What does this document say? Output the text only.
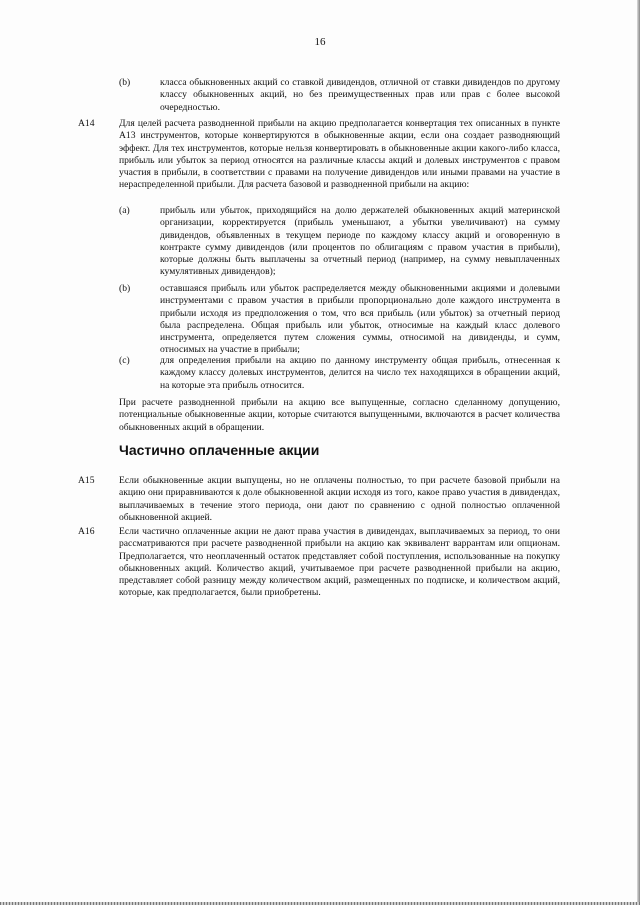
16
(b)	класса обыкновенных акций со ставкой дивидендов, отличной от ставки дивидендов по другому классу обыкновенных акций, но без преимущественных прав или прав с более высокой очередностью.
A14	Для целей расчета разводненной прибыли на акцию предполагается конвертация тех описанных в пункте A13 инструментов, которые конвертируются в обыкновенные акции, если она создает разводняющий эффект. Для тех инструментов, которые нельзя конвертировать в обыкновенные акции какого-либо класса, прибыль или убыток за период относятся на различные классы акций и долевых инструментов с правом участия в прибыли, в соответствии с правами на получение дивидендов или иными правами на участие в нераспределенной прибыли. Для расчета базовой и разводненной прибыли на акцию:
(a)	прибыль или убыток, приходящийся на долю держателей обыкновенных акций материнской организации, корректируется (прибыль уменьшают, а убытки увеличивают) на сумму дивидендов, объявленных в текущем периоде по каждому классу акций и оговоренную в контракте сумму дивидендов (или процентов по облигациям с правом участия в прибыли), которые должны быть выплачены за отчетный период (например, на сумму невыплаченных кумулятивных дивидендов);
(b)	оставшаяся прибыль или убыток распределяется между обыкновенными акциями и долевыми инструментами с правом участия в прибыли пропорционально доле каждого инструмента в прибыли исходя из предположения о том, что вся прибыль (или убыток) за отчетный период была распределена. Общая прибыль или убыток, относимые на каждый класс долевого инструмента, определяется путем сложения суммы, относимой на дивиденды, и сумм, относимых на участие в прибыли;
(c)	для определения прибыли на акцию по данному инструменту общая прибыль, отнесенная к каждому классу долевых инструментов, делится на число тех находящихся в обращении акций, на которые эта прибыль относится.
При расчете разводненной прибыли на акцию все выпущенные, согласно сделанному допущению, потенциальные обыкновенные акции, которые считаются выпущенными, включаются в расчет количества обыкновенных акций в обращении.
Частично оплаченные акции
A15	Если обыкновенные акции выпущены, но не оплачены полностью, то при расчете базовой прибыли на акцию они приравниваются к доле обыкновенной акции исходя из того, какое право участия в дивидендах, выплачиваемых в течение этого периода, они дают по сравнению с одной полностью оплаченной обыкновенной акцией.
A16	Если частично оплаченные акции не дают права участия в дивидендах, выплачиваемых за период, то они рассматриваются при расчете разводненной прибыли на акцию как эквивалент варрантам или опционам. Предполагается, что неоплаченный остаток представляет собой поступления, использованные на покупку обыкновенных акций. Количество акций, учитываемое при расчете разводненной прибыли на акцию, представляет собой разницу между количеством акций, размещенных по подписке, и количеством акций, которые, как предполагается, были приобретены.
